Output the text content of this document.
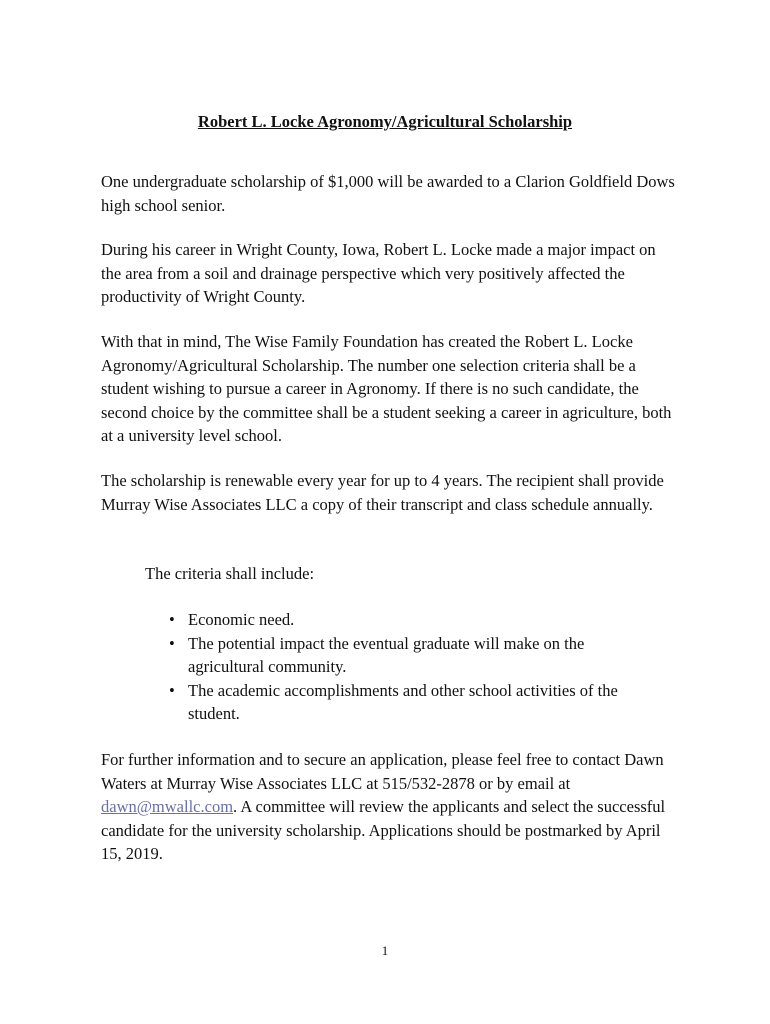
Robert L. Locke Agronomy/Agricultural Scholarship

One undergraduate scholarship of $1,000 will be awarded to a Clarion Goldfield Dows high school senior.

During his career in Wright County, Iowa, Robert L. Locke made a major impact on the area from a soil and drainage perspective which very positively affected the productivity of Wright County.

With that in mind, The Wise Family Foundation has created the Robert L. Locke Agronomy/Agricultural Scholarship. The number one selection criteria shall be a student wishing to pursue a career in Agronomy. If there is no such candidate, the second choice by the committee shall be a student seeking a career in agriculture, both at a university level school.

The scholarship is renewable every year for up to 4 years. The recipient shall provide Murray Wise Associates LLC a copy of their transcript and class schedule annually.

The criteria shall include:
• Economic need.
• The potential impact the eventual graduate will make on the agricultural community.
• The academic accomplishments and other school activities of the student.

For further information and to secure an application, please feel free to contact Dawn Waters at Murray Wise Associates LLC at 515/532-2878 or by email at dawn@mwallc.com. A committee will review the applicants and select the successful candidate for the university scholarship. Applications should be postmarked by April 15, 2019.

1
